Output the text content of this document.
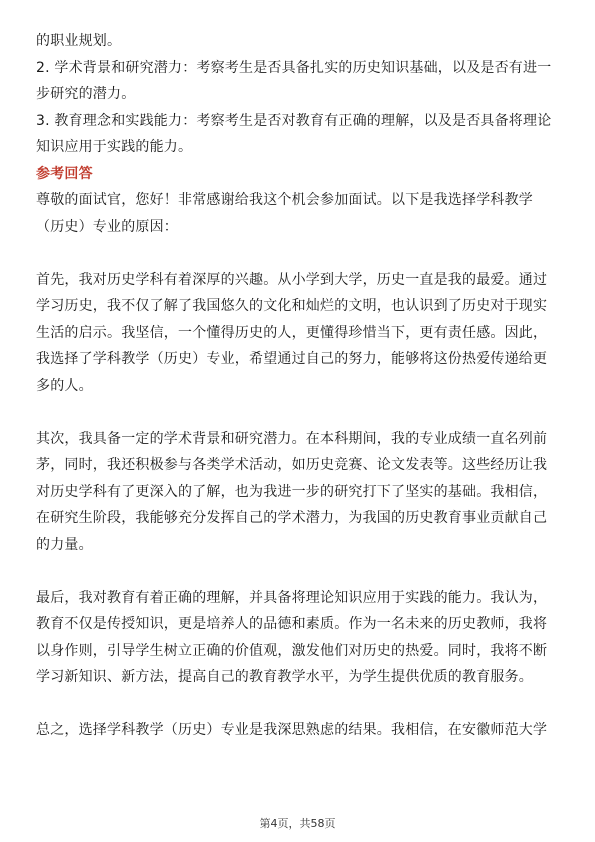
的职业规划。
2. 学术背景和研究潜力：考察考生是否具备扎实的历史知识基础，以及是否有进一
步研究的潜力。
3. 教育理念和实践能力：考察考生是否对教育有正确的理解，以及是否具备将理论
知识应用于实践的能力。
参考回答
尊敬的面试官，您好！非常感谢给我这个机会参加面试。以下是我选择学科教学
（历史）专业的原因：
首先，我对历史学科有着深厚的兴趣。从小学到大学，历史一直是我的最爱。通过
学习历史，我不仅了解了我国悠久的文化和灿烂的文明，也认识到了历史对于现实
生活的启示。我坚信，一个懂得历史的人，更懂得珍惜当下，更有责任感。因此，
我选择了学科教学（历史）专业，希望通过自己的努力，能够将这份热爱传递给更
多的人。
其次，我具备一定的学术背景和研究潜力。在本科期间，我的专业成绩一直名列前
茅，同时，我还积极参与各类学术活动，如历史竞赛、论文发表等。这些经历让我
对历史学科有了更深入的了解，也为我进一步的研究打下了坚实的基础。我相信，
在研究生阶段，我能够充分发挥自己的学术潜力，为我国的历史教育事业贡献自己
的力量。
最后，我对教育有着正确的理解，并具备将理论知识应用于实践的能力。我认为，
教育不仅是传授知识，更是培养人的品德和素质。作为一名未来的历史教师，我将
以身作则，引导学生树立正确的价值观，激发他们对历史的热爱。同时，我将不断
学习新知识、新方法，提高自己的教育教学水平，为学生提供优质的教育服务。
总之，选择学科教学（历史）专业是我深思熟虑的结果。我相信，在安徽师范大学
第4页，共58页
